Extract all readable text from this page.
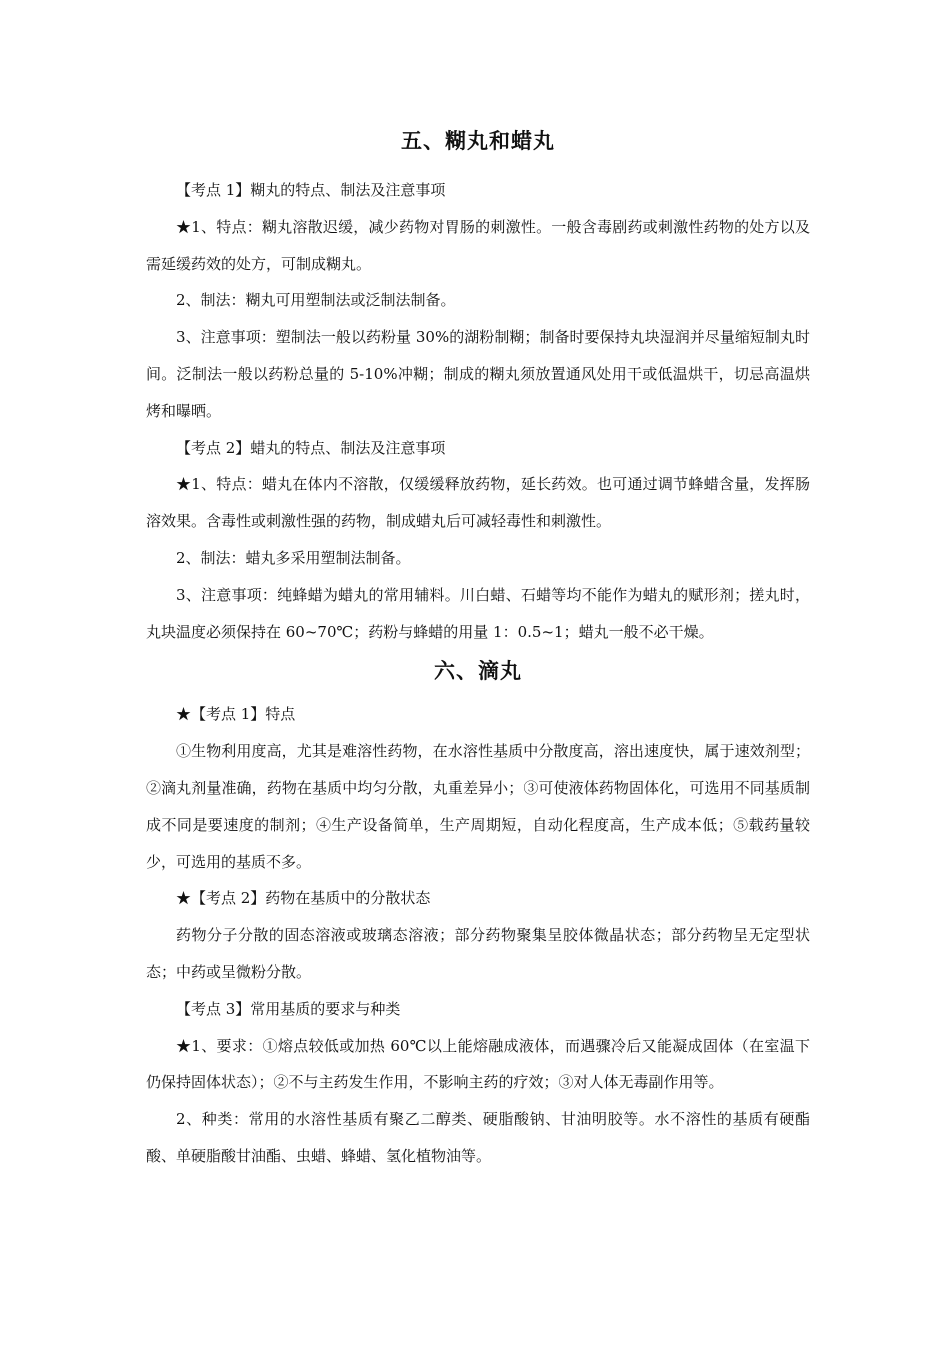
五、糊丸和蜡丸

【考点 1】糊丸的特点、制法及注意事项

★1、特点：糊丸溶散迟缓，减少药物对胃肠的刺激性。一般含毒剧药或刺激性药物的处方以及需延缓药效的处方，可制成糊丸。

2、制法：糊丸可用塑制法或泛制法制备。

3、注意事项：塑制法一般以药粉量 30%的湖粉制糊；制备时要保持丸块湿润并尽量缩短制丸时间。泛制法一般以药粉总量的 5-10%冲糊；制成的糊丸须放置通风处用干或低温烘干，切忌高温烘烤和曝晒。

【考点 2】蜡丸的特点、制法及注意事项

★1、特点：蜡丸在体内不溶散，仅缓缓释放药物，延长药效。也可通过调节蜂蜡含量，发挥肠溶效果。含毒性或刺激性强的药物，制成蜡丸后可减轻毒性和刺激性。

2、制法：蜡丸多采用塑制法制备。

3、注意事项：纯蜂蜡为蜡丸的常用辅料。川白蜡、石蜡等均不能作为蜡丸的赋形剂；搓丸时，丸块温度必须保持在 60~70℃；药粉与蜂蜡的用量 1：0.5~1；蜡丸一般不必干燥。

六、滴丸

★【考点 1】特点

①生物利用度高，尤其是难溶性药物，在水溶性基质中分散度高，溶出速度快，属于速效剂型；②滴丸剂量准确，药物在基质中均匀分散，丸重差异小；③可使液体药物固体化，可选用不同基质制成不同是要速度的制剂；④生产设备简单，生产周期短，自动化程度高，生产成本低；⑤载药量较少，可选用的基质不多。

★【考点 2】药物在基质中的分散状态

药物分子分散的固态溶液或玻璃态溶液；部分药物聚集呈胶体微晶状态；部分药物呈无定型状态；中药或呈微粉分散。

【考点 3】常用基质的要求与种类

★1、要求：①熔点较低或加热 60℃以上能熔融成液体，而遇骤冷后又能凝成固体（在室温下仍保持固体状态）；②不与主药发生作用，不影响主药的疗效；③对人体无毒副作用等。

2、种类：常用的水溶性基质有聚乙二醇类、硬脂酸钠、甘油明胶等。水不溶性的基质有硬酯酸、单硬脂酸甘油酯、虫蜡、蜂蜡、氢化植物油等。
